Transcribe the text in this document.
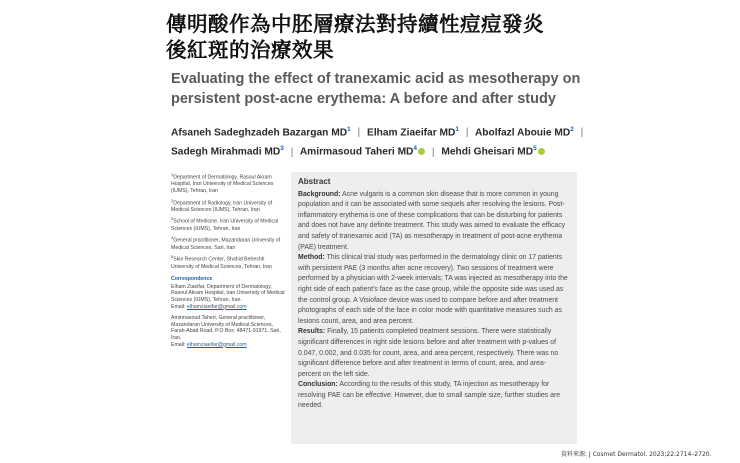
傳明酸作為中胚層療法對持續性痘痘發炎
後紅斑的治療效果
Evaluating the effect of tranexamic acid as mesotherapy on
persistent post-acne erythema: A before and after study
Afsaneh Sadeghzadeh Bazargan $MD^1$ | Elham Ziaeifar $MD^1$ | Abolfazl Abouie $MD^2$ |
Sadegh Mirahmadi $MD^3$ | Amirmasoud Taheri $MD^4$ | Mehdi Gheisari $MD^5$
$^1$Department of Dermatology, Rasoul Akram Hospital, Iran University of Medical Sciences (IUMS), Tehran, Iran
$^2$Department of Radiology, Iran University of Medical Sciences (IUMS), Tehran, Iran
$^3$School of Medicine, Iran University of Medical Sciences (IUMS), Tehran, Iran
$^4$General practitioner, Mazandaran University of Medical Sciences, Sari, Iran
$^5$Skin Research Center, Shahid Beheshti University of Medical Sciences, Tehran, Iran
Correspondence
Elham Ziaeifar, Department of Dermatology, Rasoul Akram Hospital, Iran University of Medical Sciences (IUMS), Tehran, Iran.
Email: elhamziaeifar@gmail.com
Amirmasoud Taheri, General practitioner, Mazandaran University of Medical Sciences, Farah-Abad Road, P.O Box: 48471-91971, Sari, Iran.
Email: elhamziaeifar@gmail.com
Abstract

Background: Acne vulgaris is a common skin disease that is more common in young population and it can be associated with some sequels after resolving the lesions. Post-inflammatory erythema is one of these complications that can be disturbing for patients and does not have any definite treatment. This study was aimed to evaluate the efficacy and safety of tranexamic acid (TA) as mesotherapy in treatment of post-acne erythema (PAE) treatment.

Method: This clinical trial study was performed in the dermatology clinic on 17 patients with persistent PAE (3 months after acne recovery). Two sessions of treatment were performed by a physician with 2-week intervals; TA was injected as mesotherapy into the right side of each patient's face as the case group, while the opposite side was used as the control group. A Visioface device was used to compare before and after treatment photographs of each side of the face in color mode with quantitative measures such as lesions count, area, and area percent.

Results: Finally, 15 patients completed treatment sessions. There were statistically significant differences in right side lesions before and after treatment with p-values of 0.047, 0.002, and 0.035 for count, area, and area percent, respectively. There was no significant difference before and after treatment in terms of count, area, and area-percent on the left side.

Conclusion: According to the results of this study, TA injection as mesotherapy for resolving PAE can be effective. However, due to small sample size, further studies are needed.

資料來源: J Cosmet Dermatol. 2023;22:2714–2720.
